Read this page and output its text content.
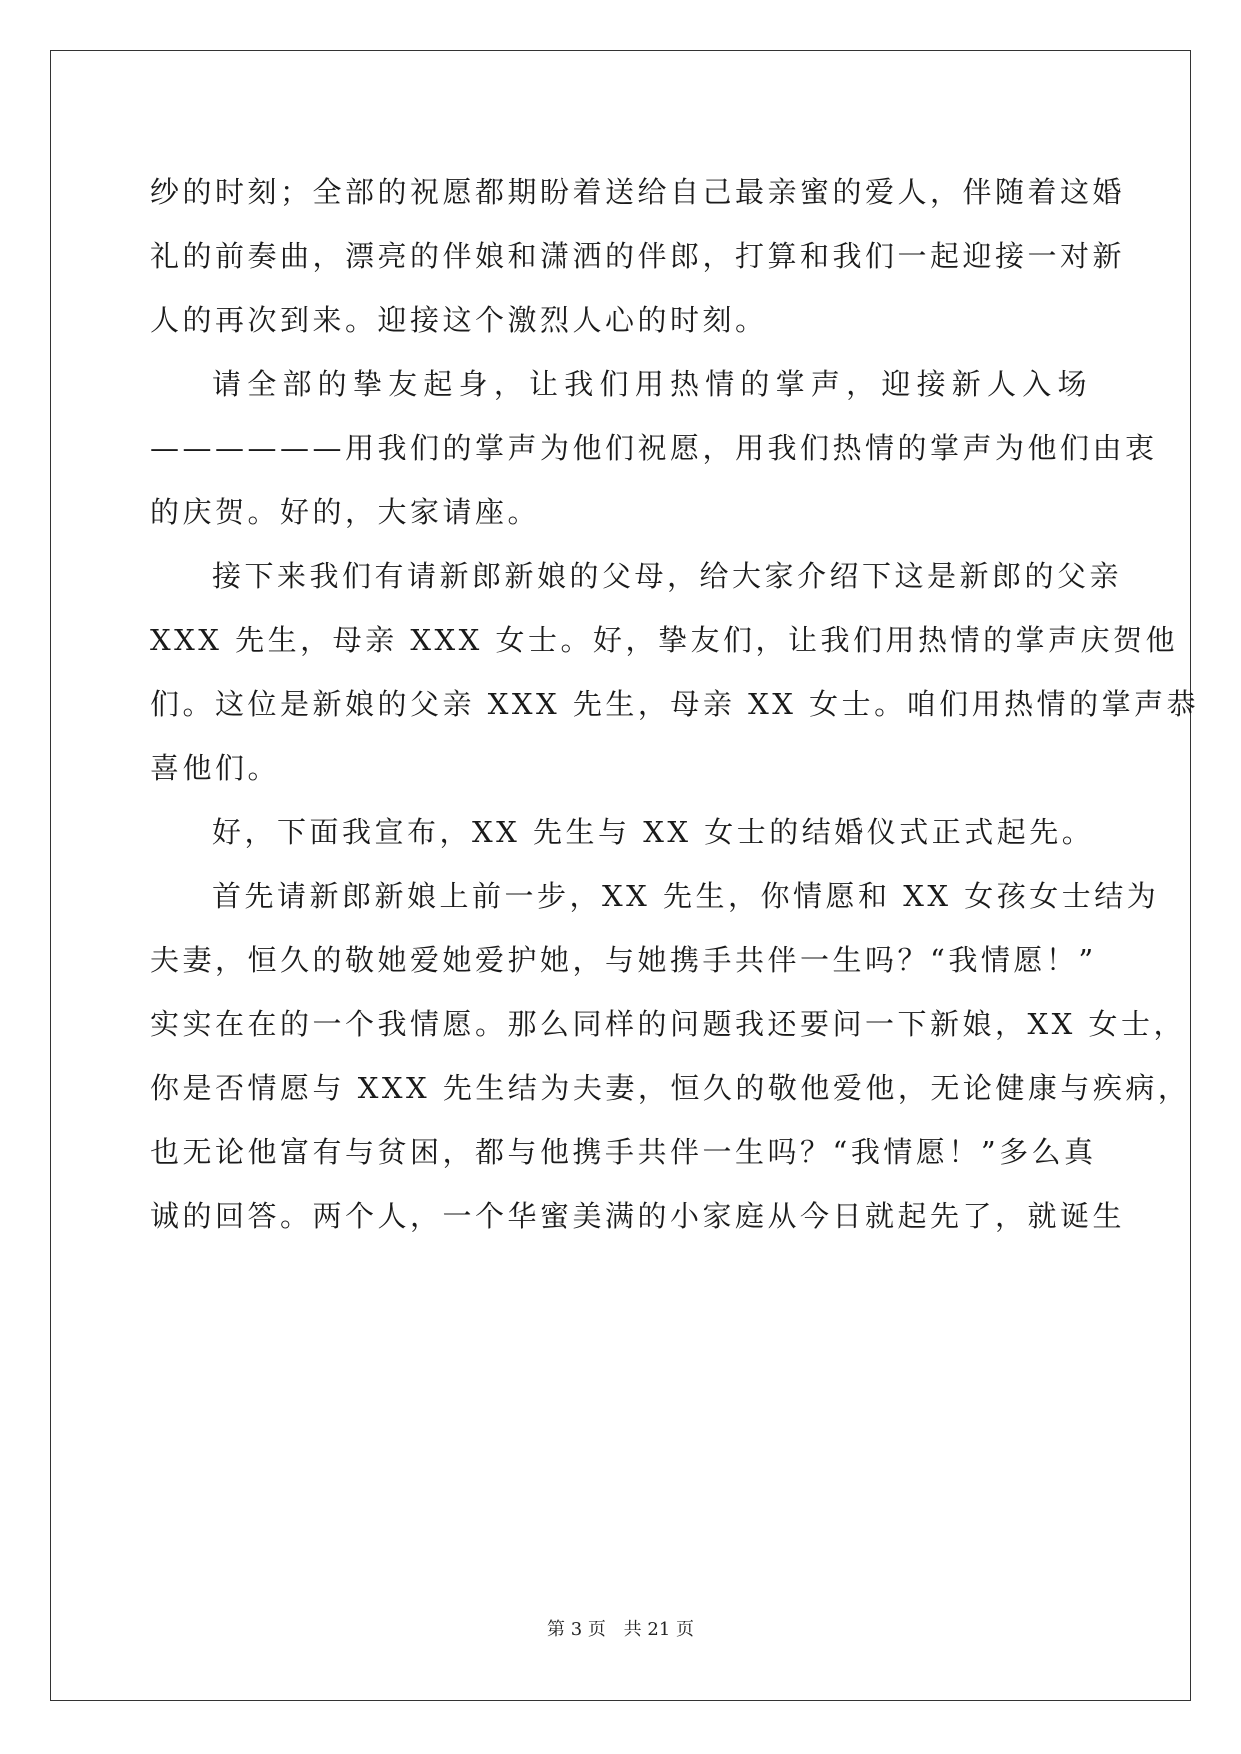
纱的时刻；全部的祝愿都期盼着送给自己最亲蜜的爱人，伴随着这婚
礼的前奏曲，漂亮的伴娘和潇洒的伴郎，打算和我们一起迎接一对新
人的再次到来。迎接这个激烈人心的时刻。
请全部的挚友起身，让我们用热情的掌声，迎接新人入场
——————用我们的掌声为他们祝愿，用我们热情的掌声为他们由衷
的庆贺。好的，大家请座。
接下来我们有请新郎新娘的父母，给大家介绍下这是新郎的父亲
XXX 先生，母亲 XXX 女士。好，挚友们，让我们用热情的掌声庆贺他
们。这位是新娘的父亲 XXX 先生，母亲 XX 女士。咱们用热情的掌声恭
喜他们。
好，下面我宣布，XX 先生与 XX 女士的结婚仪式正式起先。
首先请新郎新娘上前一步，XX 先生，你情愿和 XX 女孩女士结为
夫妻，恒久的敬她爱她爱护她，与她携手共伴一生吗？“我情愿！”
实实在在的一个我情愿。那么同样的问题我还要问一下新娘，XX 女士，
你是否情愿与 XXX 先生结为夫妻，恒久的敬他爱他，无论健康与疾病，
也无论他富有与贫困，都与他携手共伴一生吗？“我情愿！”多么真
诚的回答。两个人，一个华蜜美满的小家庭从今日就起先了，就诞生
第 3 页 共 21 页
